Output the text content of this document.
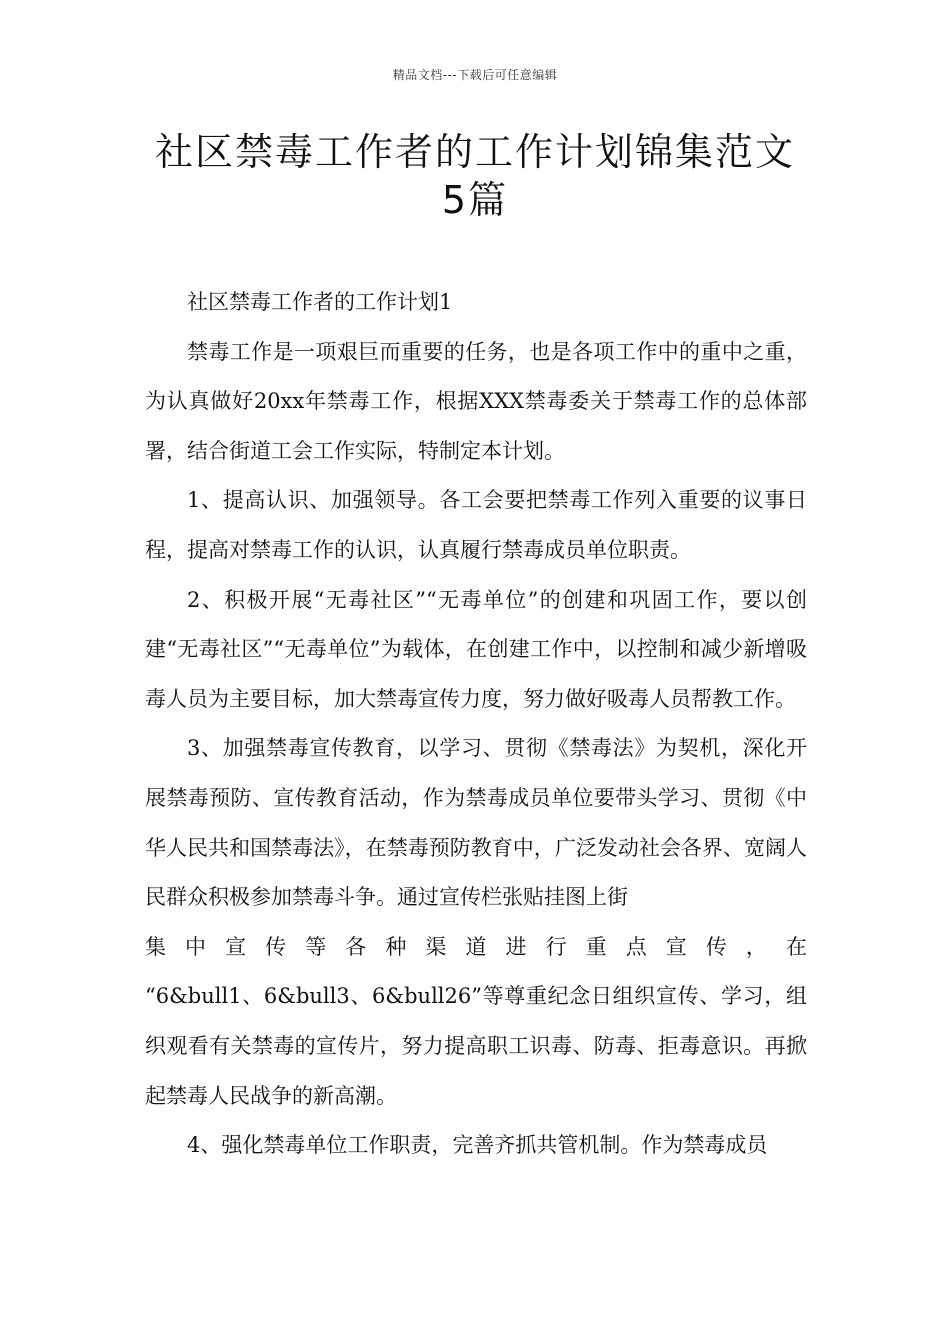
精品文档---下载后可任意编辑
社区禁毒工作者的工作计划锦集范文5篇

社区禁毒工作者的工作计划1

禁毒工作是一项艰巨而重要的任务，也是各项工作中的重中之重，为认真做好20xx年禁毒工作，根据XXX禁毒委关于禁毒工作的总体部署，结合街道工会工作实际，特制定本计划。

1、提高认识、加强领导。各工会要把禁毒工作列入重要的议事日程，提高对禁毒工作的认识，认真履行禁毒成员单位职责。

2、积极开展“无毒社区”“无毒单位”的创建和巩固工作，要以创建“无毒社区”“无毒单位”为载体，在创建工作中，以控制和减少新增吸毒人员为主要目标，加大禁毒宣传力度，努力做好吸毒人员帮教工作。

3、加强禁毒宣传教育，以学习、贯彻《禁毒法》为契机，深化开展禁毒预防、宣传教育活动，作为禁毒成员单位要带头学习、贯彻《中华人民共和国禁毒法》，在禁毒预防教育中，广泛发动社会各界、宽阔人民群众积极参加禁毒斗争。通过宣传栏张贴挂图上街

集 中 宣 传 等 各 种 渠 道 进 行 重 点 宣 传 ， 在

“6&bull1、6&bull3、6&bull26”等尊重纪念日组织宣传、学习，组织观看有关禁毒的宣传片，努力提高职工识毒、防毒、拒毒意识。再掀起禁毒人民战争的新高潮。

4、强化禁毒单位工作职责，完善齐抓共管机制。作为禁毒成员
